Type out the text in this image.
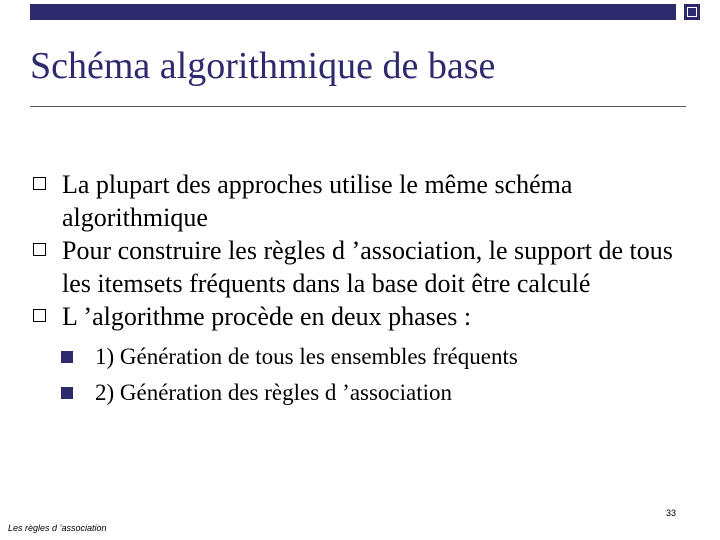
Schéma algorithmique de base
La plupart des approches utilise le même schéma algorithmique
Pour construire les règles d ’association, le support de tous les itemsets fréquents dans la base doit être calculé
L ’algorithme procède en deux phases :
1) Génération de tous les ensembles fréquents
2) Génération des règles d ’association
33
Les règles d ’association
